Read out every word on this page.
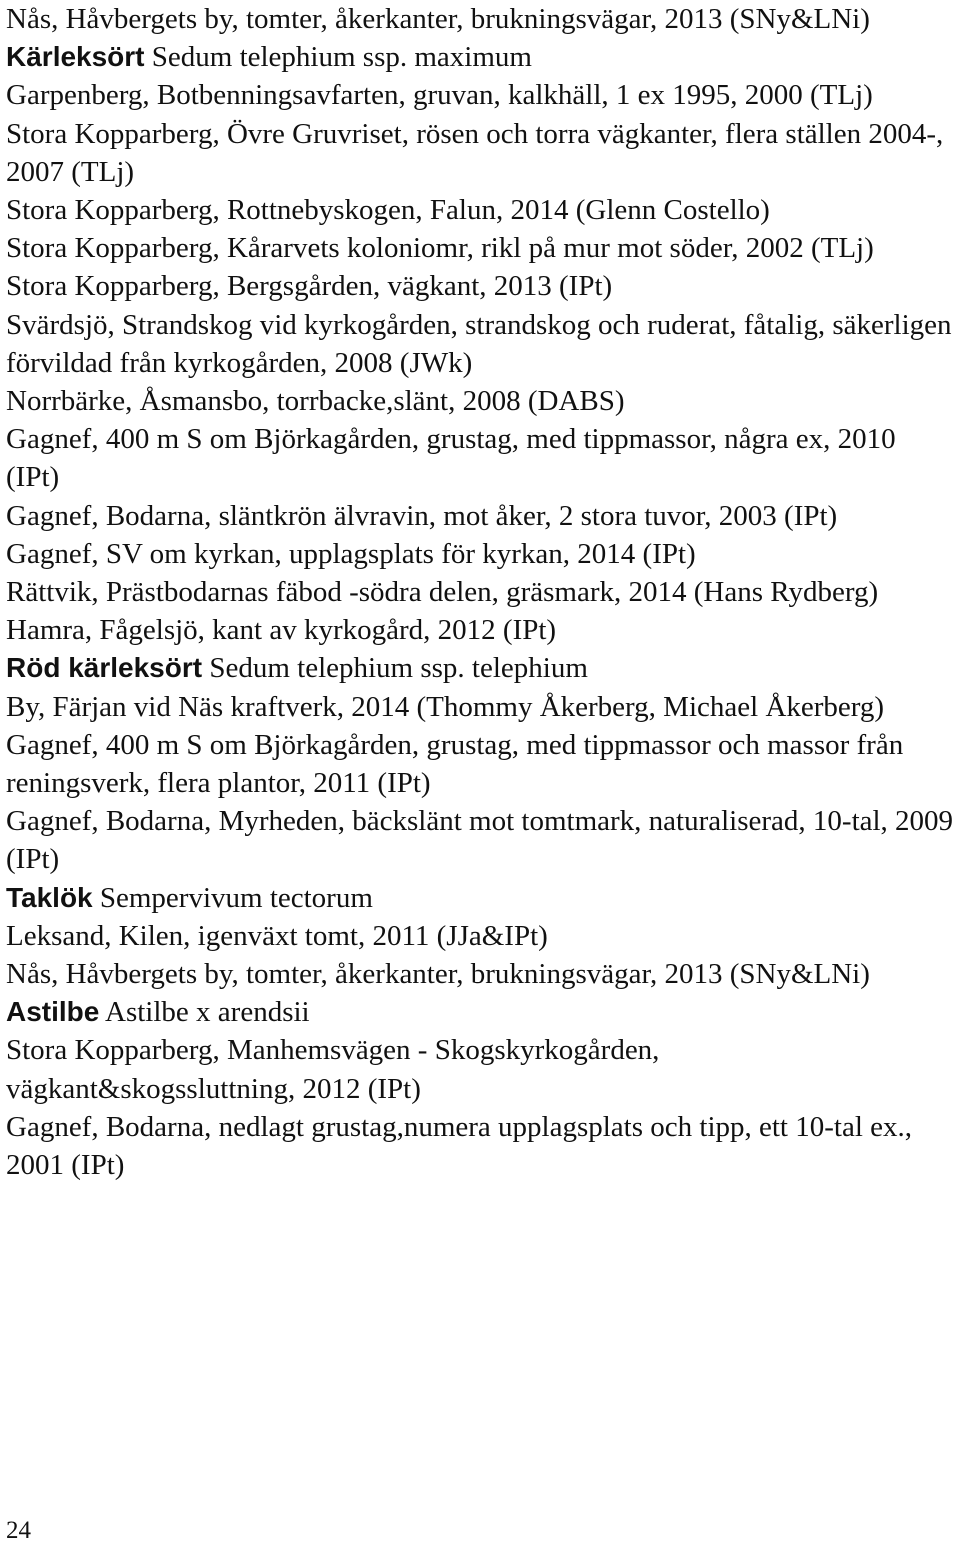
Nås, Håvbergets by, tomter, åkerkanter, brukningsvägar, 2013 (SNy&LNi)

Kärleksört Sedum telephium ssp. maximum

Garpenberg, Botbenningsavfarten, gruvan, kalkhäll, 1 ex 1995, 2000 (TLj)

Stora Kopparberg, Övre Gruvriset, rösen och torra vägkanter, flera ställen 2004-, 2007 (TLj)

Stora Kopparberg, Rottnebyskogen, Falun, 2014 (Glenn Costello)

Stora Kopparberg, Kårarvets koloniomr, rikl på mur mot söder, 2002 (TLj)

Stora Kopparberg, Bergsgården, vägkant, 2013 (IPt)

Svärdsjö, Strandskog vid kyrkogården, strandskog och ruderat, fåtalig, säkerligen förvildad från kyrkogården, 2008 (JWk)

Norrbärke, Åsmansbo, torrbacke,slänt, 2008 (DABS)

Gagnef, 400 m S om Björkagården, grustag, med tippmassor, några ex, 2010 (IPt)

Gagnef, Bodarna, släntkrön älvravin, mot åker, 2 stora tuvor, 2003 (IPt)

Gagnef, SV om kyrkan, upplagsplats för kyrkan, 2014 (IPt)

Rättvik, Prästbodarnas fäbod -södra delen, gräsmark, 2014 (Hans Rydberg)

Hamra, Fågelsjö, kant av kyrkogård, 2012 (IPt)

Röd kärleksört Sedum telephium ssp. telephium

By, Färjan vid Näs kraftverk, 2014 (Thommy Åkerberg, Michael Åkerberg)

Gagnef, 400 m S om Björkagården, grustag, med tippmassor och massor från reningsverk, flera plantor, 2011 (IPt)

Gagnef, Bodarna, Myrheden, bäckslänt mot tomtmark, naturaliserad, 10-tal, 2009 (IPt)

Taklök Sempervivum tectorum

Leksand, Kilen, igenväxt tomt, 2011 (JJa&IPt)

Nås, Håvbergets by, tomter, åkerkanter, brukningsvägar, 2013 (SNy&LNi)

Astilbe Astilbe x arendsii

Stora Kopparberg, Manhemsvägen - Skogskyrkogården, vägkant&skogssluttning, 2012 (IPt)

Gagnef, Bodarna, nedlagt grustag,numera upplagsplats och tipp, ett 10-tal ex., 2001 (IPt)

24
